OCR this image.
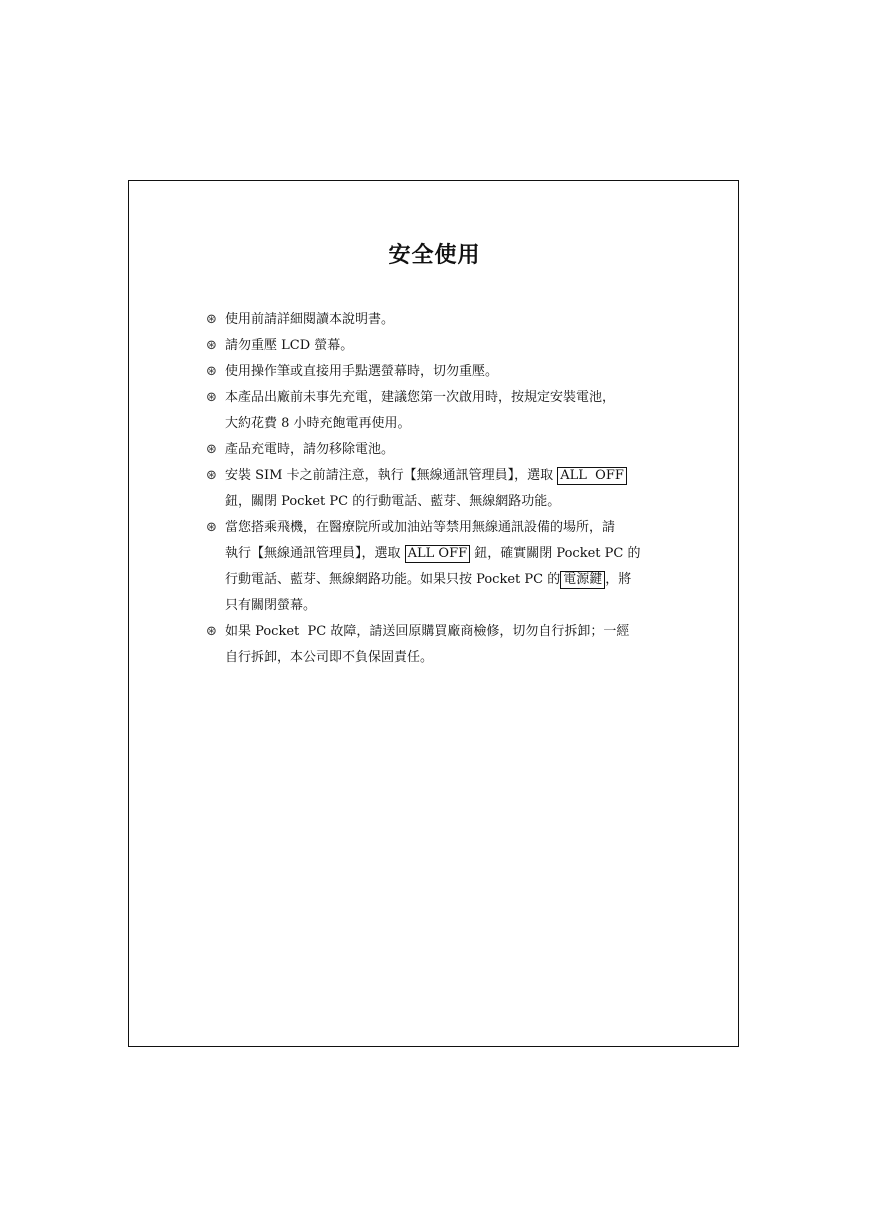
安全使用
⊛ 使用前請詳細閱讀本說明書。
⊛ 請勿重壓 LCD 螢幕。
⊛ 使用操作筆或直接用手點選螢幕時，切勿重壓。
⊛ 本產品出廠前未事先充電，建議您第一次啟用時，按規定安裝電池，
大約花費 8 小時充飽電再使用。
⊛ 產品充電時，請勿移除電池。
⊛ 安裝 SIM 卡之前請注意，執行【無線通訊管理員】，選取 ALL  OFF
鈕，關閉 Pocket PC 的行動電話、藍芽、無線網路功能。
⊛ 當您搭乘飛機，在醫療院所或加油站等禁用無線通訊設備的場所，請
執行【無線通訊管理員】，選取 ALL OFF 鈕，確實關閉 Pocket PC 的
行動電話、藍芽、無線網路功能。如果只按 Pocket PC 的 電源鍵 ，將
只有關閉螢幕。
⊛ 如果 Pocket  PC 故障，請送回原購買廠商檢修，切勿自行拆卸；一經
自行拆卸，本公司即不負保固責任。
